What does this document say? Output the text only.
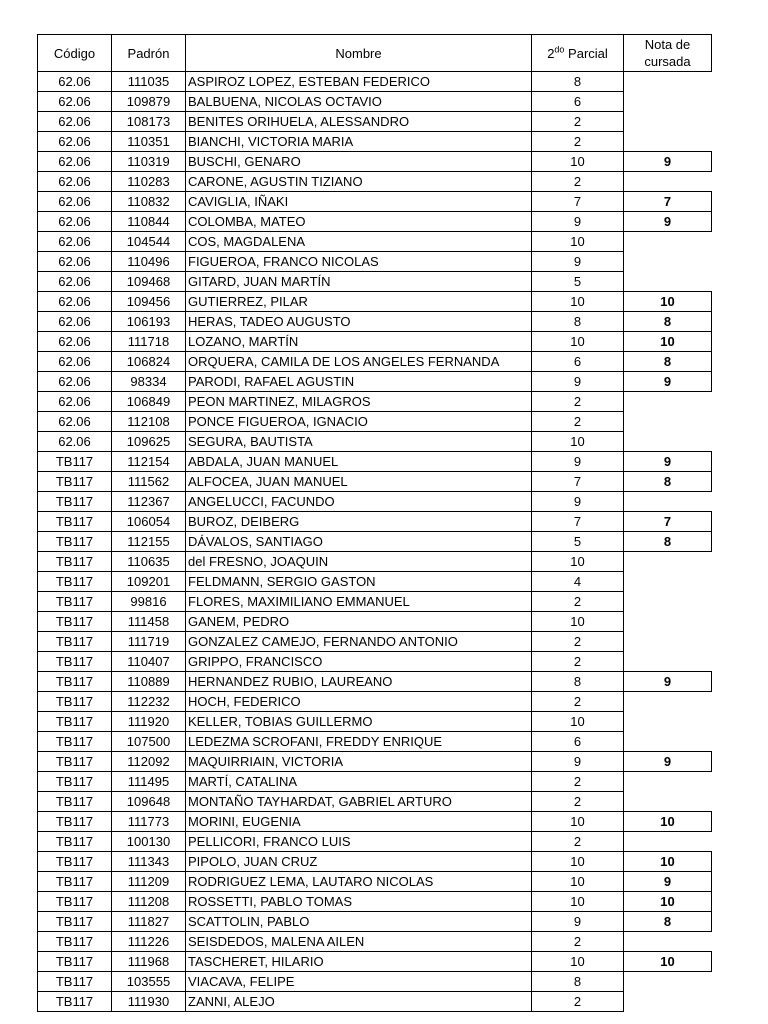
Código	Padrón	Nombre	$2^{do}$ Parcial	Nota de
cursada
62.06	111035	ASPIROZ LOPEZ, ESTEBAN FEDERICO	8	
62.06	109879	BALBUENA, NICOLAS OCTAVIO	6	
62.06	108173	BENITES ORIHUELA, ALESSANDRO	2	
62.06	110351	BIANCHI, VICTORIA MARIA	2	
62.06	110319	BUSCHI, GENARO	10	9
62.06	110283	CARONE, AGUSTIN TIZIANO	2	
62.06	110832	CAVIGLIA, IÑAKI	7	7
62.06	110844	COLOMBA, MATEO	9	9
62.06	104544	COS, MAGDALENA	10	
62.06	110496	FIGUEROA, FRANCO NICOLAS	9	
62.06	109468	GITARD, JUAN MARTÍN	5	
62.06	109456	GUTIERREZ, PILAR	10	10
62.06	106193	HERAS, TADEO AUGUSTO	8	8
62.06	111718	LOZANO, MARTÍN	10	10
62.06	106824	ORQUERA, CAMILA DE LOS ANGELES FERNANDA	6	8
62.06	98334	PARODI, RAFAEL AGUSTIN	9	9
62.06	106849	PEON MARTINEZ, MILAGROS	2	
62.06	112108	PONCE FIGUEROA, IGNACIO	2	
62.06	109625	SEGURA, BAUTISTA	10	
TB117	112154	ABDALA, JUAN MANUEL	9	9
TB117	111562	ALFOCEA, JUAN MANUEL	7	8
TB117	112367	ANGELUCCI, FACUNDO	9	
TB117	106054	BUROZ, DEIBERG	7	7
TB117	112155	DÁVALOS, SANTIAGO	5	8
TB117	110635	del FRESNO, JOAQUIN	10	
TB117	109201	FELDMANN, SERGIO GASTON	4	
TB117	99816	FLORES, MAXIMILIANO EMMANUEL	2	
TB117	111458	GANEM, PEDRO	10	
TB117	111719	GONZALEZ CAMEJO, FERNANDO ANTONIO	2	
TB117	110407	GRIPPO, FRANCISCO	2	
TB117	110889	HERNANDEZ RUBIO, LAUREANO	8	9
TB117	112232	HOCH, FEDERICO	2	
TB117	111920	KELLER, TOBIAS GUILLERMO	10	
TB117	107500	LEDEZMA SCROFANI, FREDDY ENRIQUE	6	
TB117	112092	MAQUIRRIAIN, VICTORIA	9	9
TB117	111495	MARTÍ, CATALINA	2	
TB117	109648	MONTAÑO TAYHARDAT, GABRIEL ARTURO	2	
TB117	111773	MORINI, EUGENIA	10	10
TB117	100130	PELLICORI, FRANCO LUIS	2	
TB117	111343	PIPOLO, JUAN CRUZ	10	10
TB117	111209	RODRIGUEZ LEMA, LAUTARO NICOLAS	10	9
TB117	111208	ROSSETTI, PABLO TOMAS	10	10
TB117	111827	SCATTOLIN, PABLO	9	8
TB117	111226	SEISDEDOS, MALENA AILEN	2	
TB117	111968	TASCHERET, HILARIO	10	10
TB117	103555	VIACAVA, FELIPE	8	
TB117	111930	ZANNI, ALEJO	2	
